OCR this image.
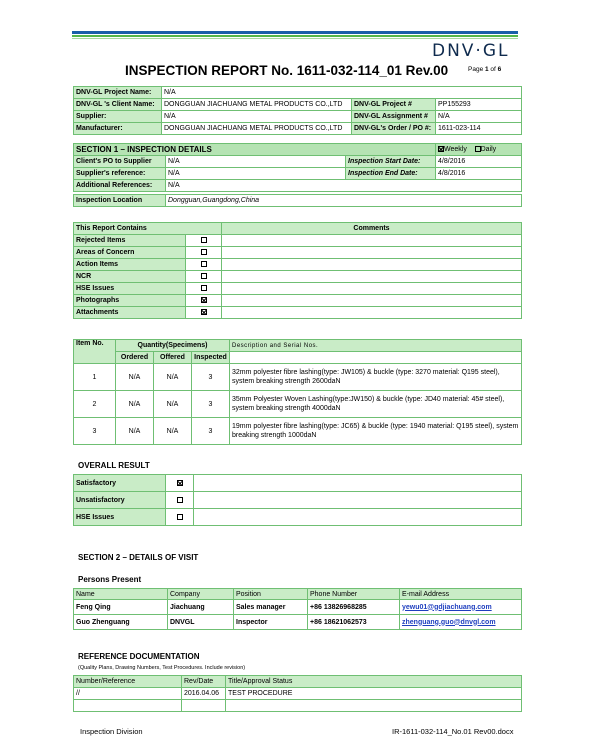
DNV·GL
INSPECTION REPORT No. 1611-032-114_01 Rev.00	Page 1 of 6
DNV-GL Project Name:	N/A		
DNV-GL 's Client Name:	DONGGUAN JIACHUANG METAL PRODUCTS CO.,LTD	DNV-GL Project #	PP155293
Supplier:	N/A	DNV-GL Assignment #	N/A
Manufacturer:	DONGGUAN JIACHUANG METAL PRODUCTS CO.,LTD	DNV-GL's Order / PO #:	1611-023-114
SECTION 1 – INSPECTION DETAILS			Weekly Daily
Client's PO to Supplier	N/A	Inspection Start Date:	4/8/2016
Supplier's reference:	N/A	Inspection End Date:	4/8/2016
Additional References:	N/A		

Inspection Location	Dongguan,Guangdong,China		
This Report Contains		Comments
Rejected Items		
Areas of Concern		
Action Items		
NCR		
HSE Issues		
Photographs		
Attachments		
Item No.	Quantity(Specimens)			Description and Serial Nos.
	Ordered	Offered	Inspected	
1	N/A	N/A	3	32mm polyester fibre lashing(type: JW105) & buckle (type: 3270 material: Q195 steel), system breaking strength 2600daN
2	N/A	N/A	3	35mm Polyester Woven Lashing(type:JW150) & buckle (type: JD40 material: 45# steel), system breaking strength 4000daN
3	N/A	N/A	3	19mm polyester fibre lashing(type: JC65) & buckle (type: 1940 material: Q195 steel), system breaking strength 1000daN
OVERALL RESULT
Satisfactory		
Unsatisfactory		
HSE Issues		
SECTION 2 – DETAILS OF VISIT
Persons Present
Name	Company	Position	Phone Number	E-mail Address
Feng Qing	Jiachuang	Sales manager	+86 13826968285	yewu01@gdjiachuang.com
Guo Zhenguang	DNVGL	Inspector	+86 18621062573	zhenguang.guo@dnvgl.com
REFERENCE DOCUMENTATION
(Quality Plans, Drawing Numbers, Test Procedures. Include revision)
Number/Reference	Rev/Date	Title/Approval Status
//	2016.04.06	TEST PROCEDURE

Inspection Division	IR-1611-032-114_No.01 Rev00.docx
